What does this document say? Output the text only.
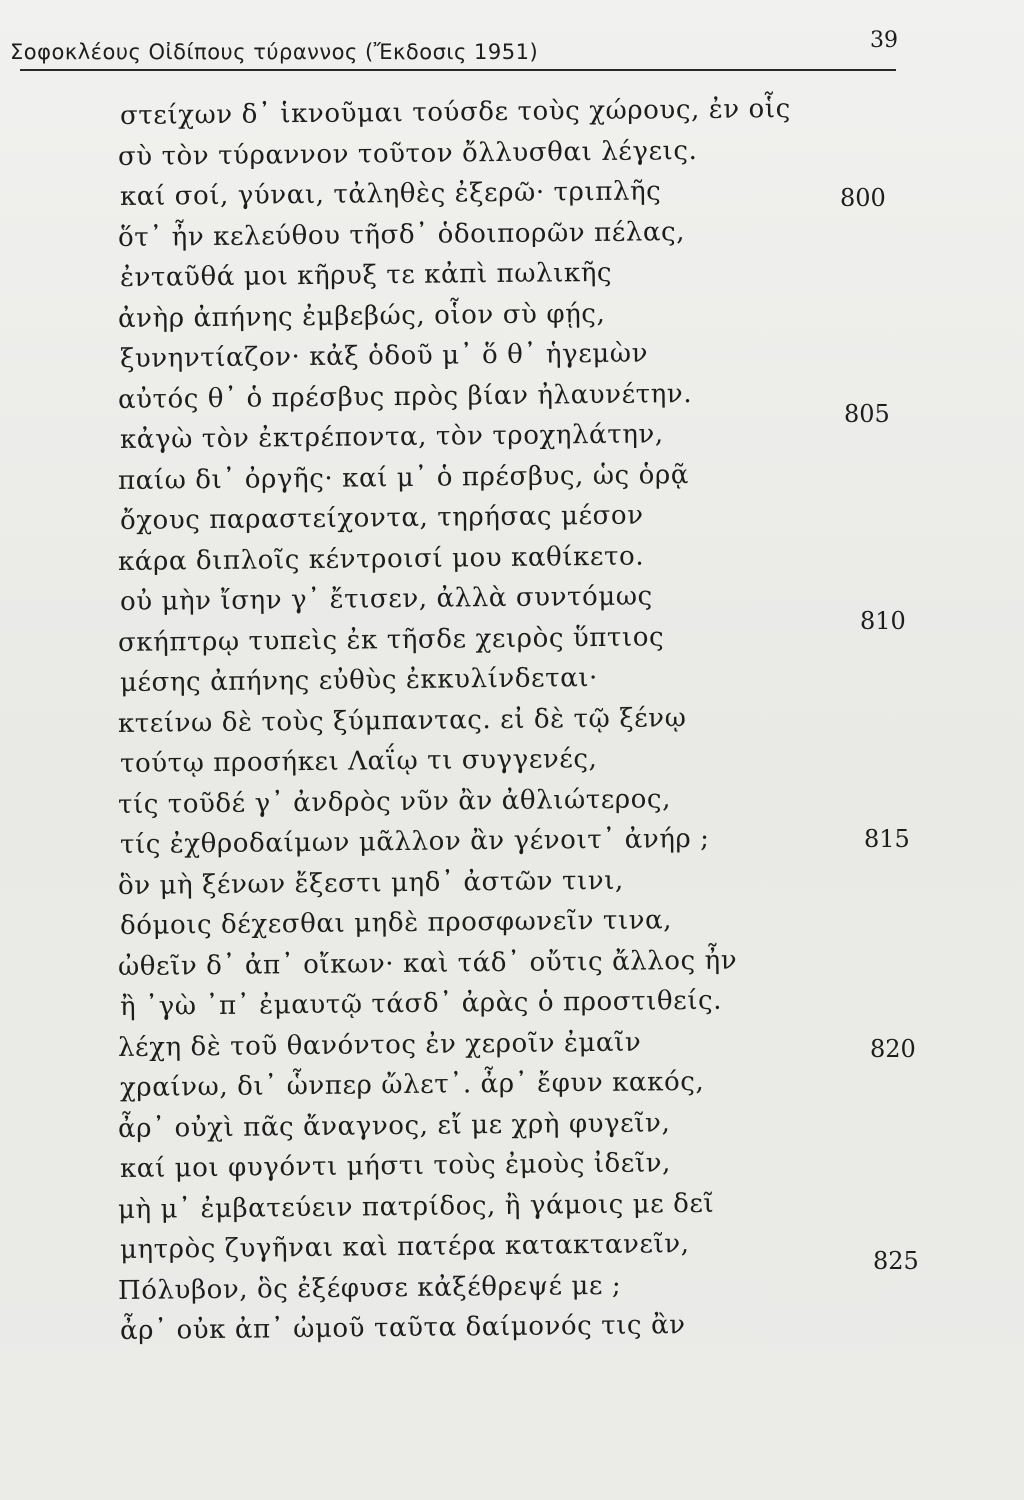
Σοφοκλέους Οἰδίπους τύραννος (Ἔκδοσις 1951)	39
στείχων δ᾿ ἱκνοῦμαι τούσδε τοὺς χώρους, ἐν οἷς
σὺ τὸν τύραννον τοῦτον ὄλλυσθαι λέγεις.
καί σοί, γύναι, τἀληθὲς ἐξερῶ· τριπλῆς
ὅτ᾿ ἦν κελεύθου τῆσδ᾿ ὁδοιπορῶν πέλας,
ἐνταῦθά μοι κῆρυξ τε κἀπὶ πωλικῆς
ἀνὴρ ἀπήνης ἐμβεβώς, οἷον σὺ φῄς,
ξυνηντίαζον· κἀξ ὁδοῦ μ᾿ ὅ θ᾿ ἡγεμὼν
αὐτός θ᾿ ὁ πρέσβυς πρὸς βίαν ἠλαυνέτην.
κἀγὼ τὸν ἐκτρέποντα, τὸν τροχηλάτην,
παίω δι᾿ ὀργῆς· καί μ᾿ ὁ πρέσβυς, ὡς ὁρᾷ
ὄχους παραστείχοντα, τηρήσας μέσον
κάρα διπλοῖς κέντροισί μου καθίκετο.
οὐ μὴν ἴσην γ᾿ ἔτισεν, ἀλλὰ συντόμως
σκήπτρῳ τυπεὶς ἐκ τῆσδε χειρὸς ὕπτιος
μέσης ἀπήνης εὐθὺς ἐκκυλίνδεται·
κτείνω δὲ τοὺς ξύμπαντας. εἰ δὲ τῷ ξένῳ
τούτῳ προσήκει Λαΐῳ τι συγγενές,
τίς τοῦδέ γ᾿ ἀνδρὸς νῦν ἂν ἀθλιώτερος,
τίς ἐχθροδαίμων μᾶλλον ἂν γένοιτ᾿ ἀνήρ ;
ὃν μὴ ξένων ἔξεστι μηδ᾿ ἀστῶν τινι,
δόμοις δέχεσθαι μηδὲ προσφωνεῖν τινα,
ὠθεῖν δ᾿ ἀπ᾿ οἴκων· καὶ τάδ᾿ οὔτις ἄλλος ἦν
ἢ ᾿γὼ ᾿π᾿ ἐμαυτῷ τάσδ᾿ ἀρὰς ὁ προστιθείς.
λέχη δὲ τοῦ θανόντος ἐν χεροῖν ἐμαῖν
χραίνω, δι᾿ ὧνπερ ὤλετ᾿. ἆρ᾿ ἔφυν κακός,
ἆρ᾿ οὐχὶ πᾶς ἄναγνος, εἴ με χρὴ φυγεῖν,
καί μοι φυγόντι μήστι τοὺς ἐμοὺς ἰδεῖν,
μὴ μ᾿ ἐμβατεύειν πατρίδος, ἢ γάμοις με δεῖ
μητρὸς ζυγῆναι καὶ πατέρα κατακτανεῖν,
Πόλυβον, ὃς ἐξέφυσε κἀξέθρεψέ με ;
ἆρ᾿ οὐκ ἀπ᾿ ὠμοῦ ταῦτα δαίμονός τις ἂν
800
805
810
815
820
825
